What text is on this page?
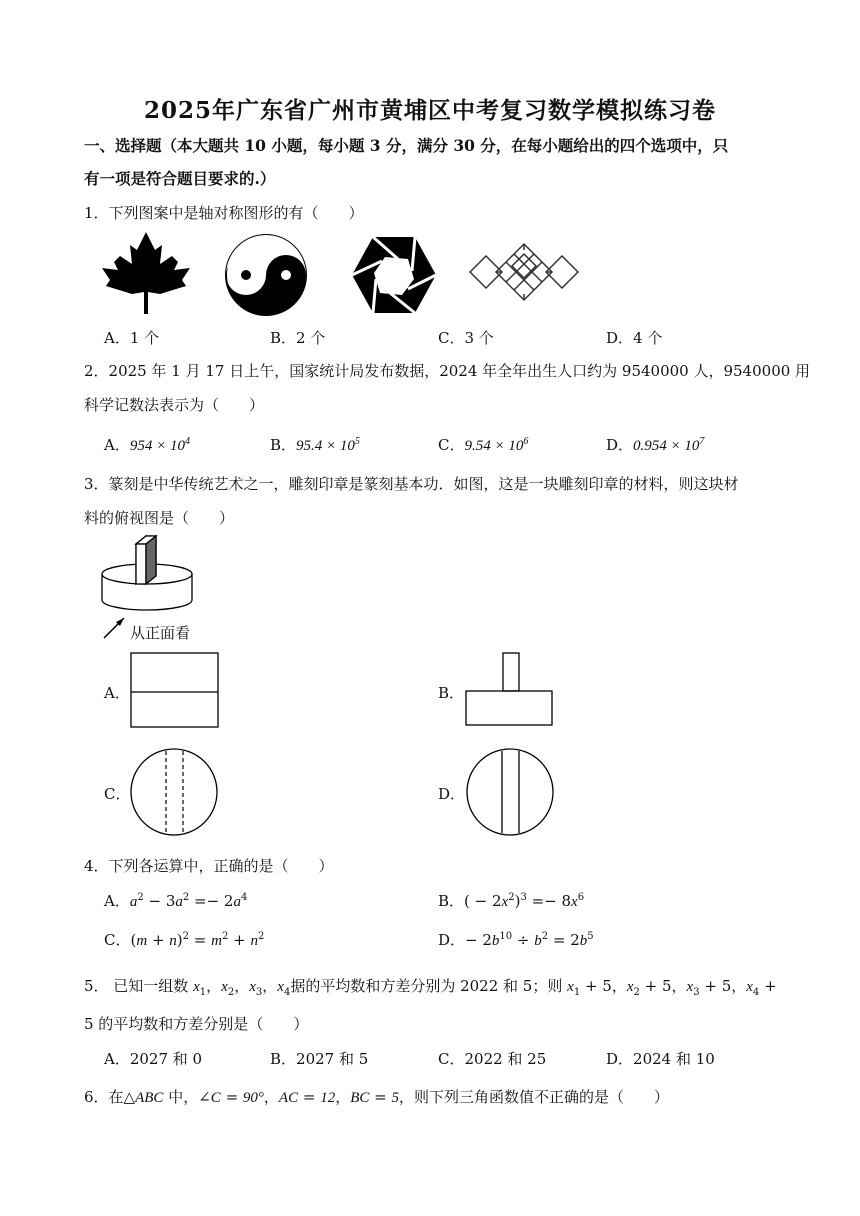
2025年广东省广州市黄埔区中考复习数学模拟练习卷
一、选择题（本大题共 10 小题，每小题 3 分，满分 30 分，在每小题给出的四个选项中，只
有一项是符合题目要求的.）
1．下列图案中是轴对称图形的有（　　）
A．1 个	B．2 个	C．3 个	D．4 个
2．2025 年 1 月 17 日上午，国家统计局发布数据，2024 年全年出生人口约为 9540000 人，9540000 用
科学记数法表示为（　　）
A．$954 \times 10^4$	B．$95.4 \times 10^5$	C．$9.54 \times 10^6$	D．$0.954 \times 10^7$
3．篆刻是中华传统艺术之一，雕刻印章是篆刻基本功．如图，这是一块雕刻印章的材料，则这块材
料的俯视图是（　　）
从正面看
A．	B．
C．	D．
4．下列各运算中，正确的是（　　）
A．$a^2 - 3a^2 =- 2a^4$	B．( − $2x^2)^3 =- 8x^6$
C．$(m + n)^2 = m^2 + n^2$	D．− $2b^{10} \div b^2 = 2b^5$
5． 已知一组数 $x_1$，$x_2$，$x_3$，$x_4$据的平均数和方差分别为 2022 和 5；则 $x_1 + 5$，$x_2 + 5$，$x_3 + 5$，$x_4$ +
5 的平均数和方差分别是（　　）
A．2027 和 0	B．2027 和 5	C．2022 和 25	D．2024 和 10
6．在△ABC 中，∠C = 90°，AC = 12，BC = 5，则下列三角函数值不正确的是（　　）
